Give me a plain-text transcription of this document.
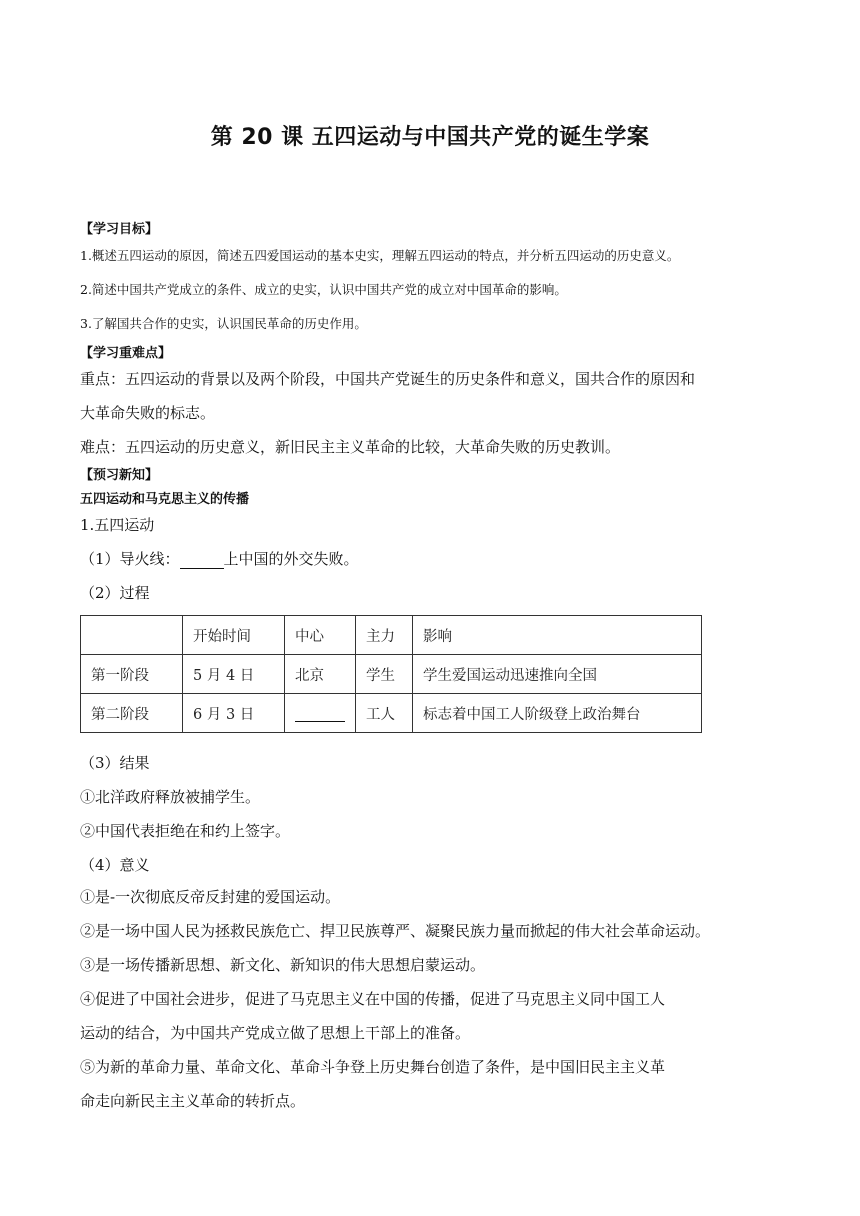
第 20 课 五四运动与中国共产党的诞生学案
【学习目标】
1.概述五四运动的原因，简述五四爱国运动的基本史实，理解五四运动的特点，并分析五四运动的历史意义。
2.简述中国共产党成立的条件、成立的史实，认识中国共产党的成立对中国革命的影响。
3.了解国共合作的史实，认识国民革命的历史作用。
【学习重难点】
重点：五四运动的背景以及两个阶段，中国共产党诞生的历史条件和意义，国共合作的原因和
大革命失败的标志。
难点：五四运动的历史意义，新旧民主主义革命的比较，大革命失败的历史教训。
【预习新知】
五四运动和马克思主义的传播
1.五四运动
（1）导火线：	上中国的外交失败。
（2）过程
	开始时间	中心	主力	影响
第一阶段	5 月 4 日	北京	学生	学生爱国运动迅速推向全国
第二阶段	6 月 3 日		工人	标志着中国工人阶级登上政治舞台
（3）结果
①北洋政府释放被捕学生。
②中国代表拒绝在和约上签字。
（4）意义
①是-一次彻底反帝反封建的爱国运动。
②是一场中国人民为拯救民族危亡、捍卫民族尊严、凝聚民族力量而掀起的伟大社会革命运动。
③是一场传播新思想、新文化、新知识的伟大思想启蒙运动。
④促进了中国社会进步，促进了马克思主义在中国的传播，促进了马克思主义同中国工人
运动的结合，为中国共产党成立做了思想上干部上的准备。
⑤为新的革命力量、革命文化、革命斗争登上历史舞台创造了条件，是中国旧民主主义革
命走向新民主主义革命的转折点。
